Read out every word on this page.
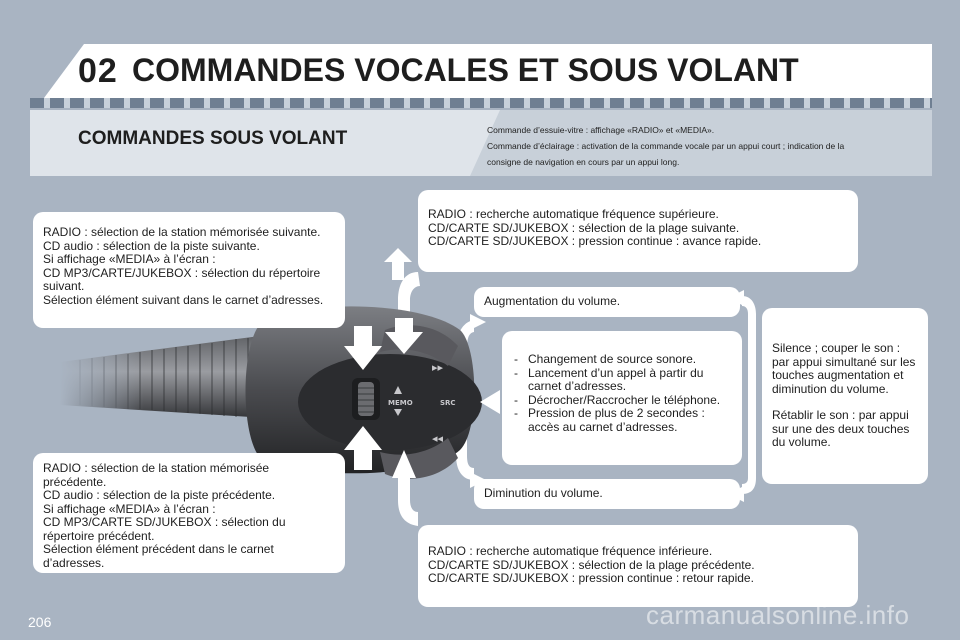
02 COMMANDES VOCALES ET SOUS VOLANT
COMMANDES SOUS VOLANT	Commande d’essuie-vitre : affichage «RADIO» et «MEDIA».

Commande d’éclairage : activation de la commande vocale par un appui court ; indication de la

consigne de navigation en cours par un appui long.

▸▸
◂◂
MEMO	SRC

RADIO : sélection de la station mémorisée suivante.

CD audio : sélection de la piste suivante.

Si affichage «MEDIA» à l’écran :

CD MP3/CARTE/JUKEBOX : sélection du répertoire

suivant.

Sélection élément suivant dans le carnet d’adresses.

RADIO : recherche automatique fréquence supérieure.

CD/CARTE SD/JUKEBOX : sélection de la plage suivante.

CD/CARTE SD/JUKEBOX : pression continue : avance rapide.

Augmentation du volume.

- Changement de source sonore.
- Lancement d’un appel à partir du carnet d’adresses.
- Décrocher/Raccrocher le téléphone.
- Pression de plus de 2 secondes : accès au carnet d’adresses.

Silence ; couper le son : par appui simultané sur les touches augmentation et diminution du volume.

Rétablir le son : par appui sur une des deux touches du volume.

Diminution du volume.

RADIO : sélection de la station mémorisée

précédente.

CD audio : sélection de la piste précédente.

Si affichage «MEDIA» à l’écran :

CD MP3/CARTE SD/JUKEBOX : sélection du

répertoire précédent.

Sélection élément précédent dans le carnet

d’adresses.

RADIO : recherche automatique fréquence inférieure.

CD/CARTE SD/JUKEBOX : sélection de la plage précédente.

CD/CARTE SD/JUKEBOX : pression continue : retour rapide.

206	carmanualsonline.info
